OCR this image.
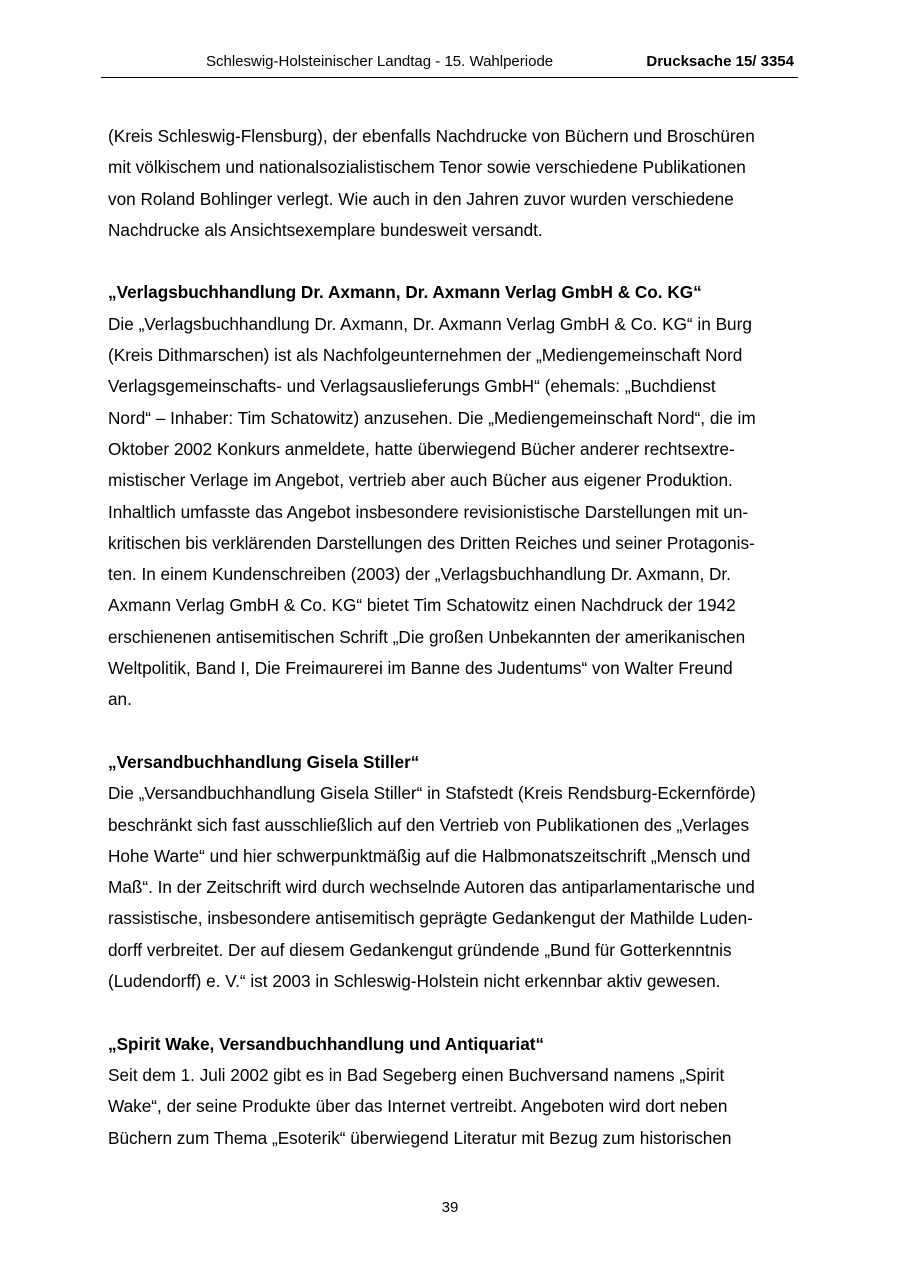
Schleswig-Holsteinischer Landtag - 15. Wahlperiode	Drucksache 15/ 3354

(Kreis Schleswig-Flensburg), der ebenfalls Nachdrucke von Büchern und Broschüren

mit völkischem und nationalsozialistischem Tenor sowie verschiedene Publikationen

von Roland Bohlinger verlegt. Wie auch in den Jahren zuvor wurden verschiedene

Nachdrucke als Ansichtsexemplare bundesweit versandt.

„Verlagsbuchhandlung Dr. Axmann, Dr. Axmann Verlag GmbH & Co. KG“

Die „Verlagsbuchhandlung Dr. Axmann, Dr. Axmann Verlag GmbH & Co. KG“ in Burg

(Kreis Dithmarschen) ist als Nachfolgeunternehmen der „Mediengemeinschaft Nord

Verlagsgemeinschafts- und Verlagsauslieferungs GmbH“ (ehemals: „Buchdienst

Nord“ – Inhaber: Tim Schatowitz) anzusehen. Die „Mediengemeinschaft Nord“, die im

Oktober 2002 Konkurs anmeldete, hatte überwiegend Bücher anderer rechtsextre-

mistischer Verlage im Angebot, vertrieb aber auch Bücher aus eigener Produktion.

Inhaltlich umfasste das Angebot insbesondere revisionistische Darstellungen mit un-

kritischen bis verklärenden Darstellungen des Dritten Reiches und seiner Protagonis-

ten. In einem Kundenschreiben (2003) der „Verlagsbuchhandlung Dr. Axmann, Dr.

Axmann Verlag GmbH & Co. KG“ bietet Tim Schatowitz einen Nachdruck der 1942

erschienenen antisemitischen Schrift „Die großen Unbekannten der amerikanischen

Weltpolitik, Band I, Die Freimaurerei im Banne des Judentums“ von Walter Freund

an.

„Versandbuchhandlung Gisela Stiller“

Die „Versandbuchhandlung Gisela Stiller“ in Stafstedt (Kreis Rendsburg-Eckernförde)

beschränkt sich fast ausschließlich auf den Vertrieb von Publikationen des „Verlages

Hohe Warte“ und hier schwerpunktmäßig auf die Halbmonatszeitschrift „Mensch und

Maß“. In der Zeitschrift wird durch wechselnde Autoren das antiparlamentarische und

rassistische, insbesondere antisemitisch geprägte Gedankengut der Mathilde Luden-

dorff verbreitet. Der auf diesem Gedankengut gründende „Bund für Gotterkenntnis

(Ludendorff) e. V.“ ist 2003 in Schleswig-Holstein nicht erkennbar aktiv gewesen.

„Spirit Wake, Versandbuchhandlung und Antiquariat“

Seit dem 1. Juli 2002 gibt es in Bad Segeberg einen Buchversand namens „Spirit

Wake“, der seine Produkte über das Internet vertreibt. Angeboten wird dort neben

Büchern zum Thema „Esoterik“ überwiegend Literatur mit Bezug zum historischen

39
